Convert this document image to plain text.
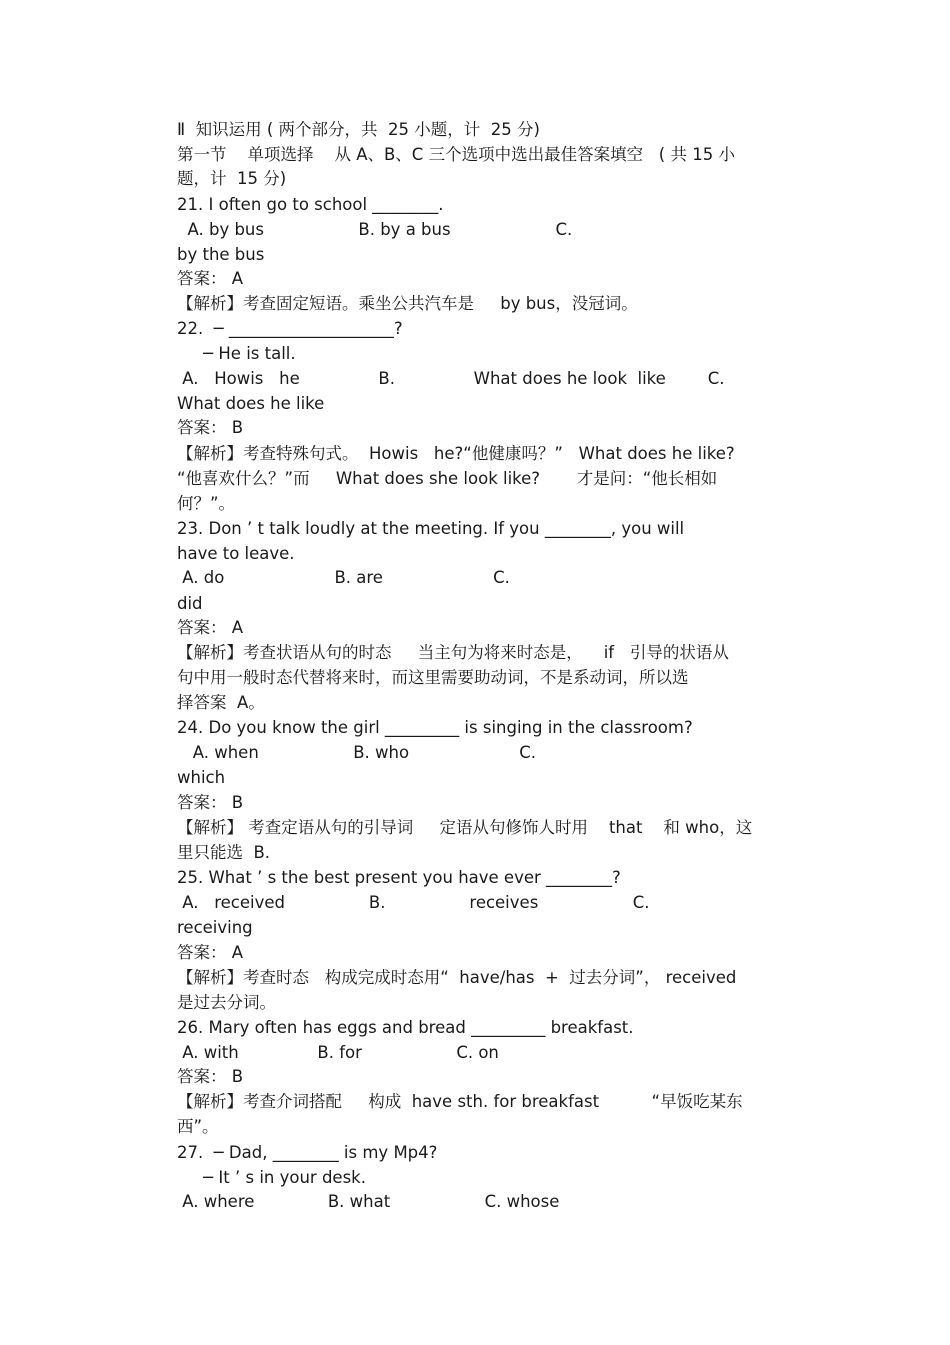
Ⅱ  知识运用 ( 两个部分，共  25 小题，计  25 分)
第一节    单项选择    从 A、B、C 三个选项中选出最佳答案填空   ( 共 15 小
题，计  15 分)
21. I often go to school ________.
A. by bus                  B. by a bus                    C.
by the bus
答案： A
【解析】考查固定短语。乘坐公共汽车是     by bus，没冠词。
22.  ─ ____________________?
─ He is tall.
A.   Howis   he               B.               What does he look  like        C.
What does he like
答案： B
【解析】考查特殊句式。  Howis   he?“他健康吗？”   What does he like?
“他喜欢什么？”而     What does she look like?       才是问：“他长相如
何？”。
23. Don ’ t talk loudly at the meeting. If you ________, you will
have to leave.
A. do                     B. are                     C.
did
答案： A
【解析】考查状语从句的时态     当主句为将来时态是，    if   引导的状语从
句中用一般时态代替将来时，而这里需要助动词，不是系动词，所以选
择答案  A。
24. Do you know the girl _________ is singing in the classroom?
A. when                  B. who                     C.
which
答案： B
【解析】 考查定语从句的引导词     定语从句修饰人时用    that    和 who，这
里只能选  B.
25. What ’ s the best present you have ever ________?
A.   received                B.                receives                  C.
receiving
答案： A
【解析】考查时态   构成完成时态用“  have/has  +  过去分词”， received
是过去分词。
26. Mary often has eggs and bread _________ breakfast.
A. with               B. for                  C. on
答案： B
【解析】考查介词搭配     构成  have sth. for breakfast          “早饭吃某东
西”。
27.  ─ Dad, ________ is my Mp4?
─ It ’ s in your desk.
A. where              B. what                  C. whose
